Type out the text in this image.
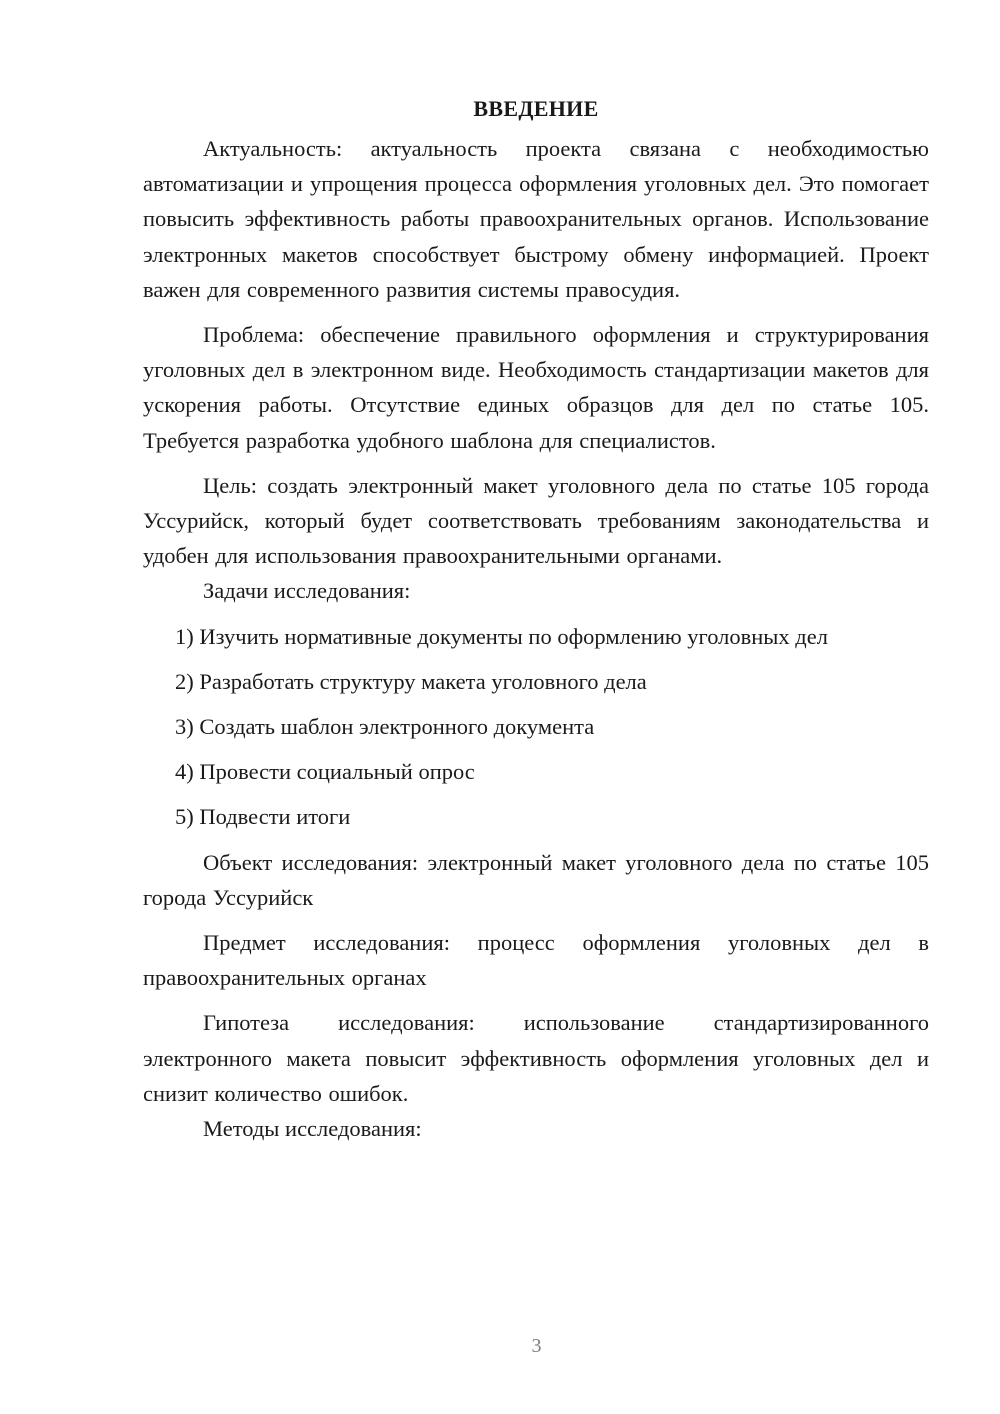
ВВЕДЕНИЕ

Актуальность: актуальность проекта связана с необходимостью автоматизации и упрощения процесса оформления уголовных дел. Это помогает повысить эффективность работы правоохранительных органов. Использование электронных макетов способствует быстрому обмену информацией. Проект важен для современного развития системы правосудия.

Проблема: обеспечение правильного оформления и структурирования уголовных дел в электронном виде. Необходимость стандартизации макетов для ускорения работы. Отсутствие единых образцов для дел по статье 105. Требуется разработка удобного шаблона для специалистов.

Цель: создать электронный макет уголовного дела по статье 105 города Уссурийск, который будет соответствовать требованиям законодательства и удобен для использования правоохранительными органами.

Задачи исследования:

1) Изучить нормативные документы по оформлению уголовных дел

2) Разработать структуру макета уголовного дела

3) Создать шаблон электронного документа

4) Провести социальный опрос

5) Подвести итоги

Объект исследования: электронный макет уголовного дела по статье 105 города Уссурийск

Предмет исследования: процесс оформления уголовных дел в правоохранительных органах

Гипотеза исследования: использование стандартизированного электронного макета повысит эффективность оформления уголовных дел и снизит количество ошибок.

Методы исследования:

3
